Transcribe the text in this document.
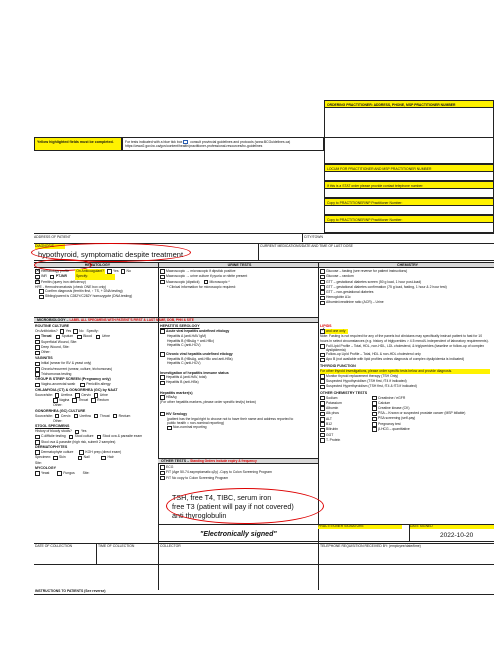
ORDERING PRACTITIONER: ADDRESS, PHONE, MSP PRACTITIONER NUMBER
Yellow highlighted fields must be completed.	For tests indicated with a blue tick box consult provincial guidelines and protocols (www.BCGuidelines.ca)
https://www2.gov.bc.ca/gov/content/health/practitioner-professional-resources/bc-guidelines
LOCUM FOR PRACTITIONER AND MSP PRACTITIONER NUMBER
If this is a STAT order please provide contact telephone number:
Copy to PRACTITIONER/NP Practitioner Number:
Copy to PRACTITIONER/NP Practitioner Number:
ADDRESS OF PATIENT	CITY/TOWN
DIAGNOSIS
hypothyroid, symptomatic despite treatment
CURRENT MEDICATIONS/DATE AND TIME OF LAST DOSE
HEMATOLOGY	URINE TESTS	CHEMISTRY
✕
Hematology profile On Anticoagulant?	Yes No
INR	PT-INR	Specify:
✕
Ferritin (query iron deficiency)
HFE - Hemochromatosis (check ONE box only)
Confirm diagnosis (ferritin first, ↑ TS, + DNA testing)
Sibling/parent is C282Y/C282Y homozygote (DNA testing)
Macroscopic → microscopic if dipstick positive
Macroscopic → urine culture if pyuria or nitrite present
Macroscopic (dipstick)	Microscopic *
* Clinical information for microscopic required:
Glucose – fasting (see reverse for patient instructions)
Glucose – random
GTT – gestational diabetes screen (50 g load, 1 hour post-load)
GTT – gestational diabetes confirmation (75 g load, fasting, 1 hour & 2 hour test)
GTT – non-gestational diabetes
Hemoglobin A1c
Albumin/creatinine ratio (ACR) – Urine
MICROBIOLOGY –
LABEL ALL SPECIMENS WITH PATIENT'S FIRST & LAST NAME, DOB, PHN & SITE
ROUTINE CULTURE
On Antibiotics? Yes No Specify:
Throat	Sputum	Blood	Urine
Superficial Wound, Site:
Deep Wound, Site:
Other:
VAGINITIS
Initial (smear for BV & yeast only)
Chronic/recurrent (smear, culture, trichomonas)
Trichomonas testing
GROUP B STREP SCREEN (Pregnancy only)
Vagino-anorectal swab	Penicillin allergy
CHLAMYDIA (CT) & GONORRHEA (GC) by NAAT
Source/site: Urethra	Cervix	Urine
Vagina	Throat	Rectum
Other:
GONORRHEA (GC) CULTURE
Source/site: Cervix	Urethra	Throat	Rectum
Other:
STOOL SPECIMENS
History of bloody stools?	Yes
C.difficile testing	Stool culture	Stool ova & parasite exam
Stool ova & parasite (high risk, submit 2 samples)
DERMATOPHYTES
Dermatophyte culture	KOH prep (direct exam)
Specimen: Skin	Nail	Hair
Site:
MYCOLOGY
Yeast	Fungus Site:
HEPATITIS SEROLOGY
Acute viral hepatitis undefined etiology
Hepatitis A (anti-HAV IgM)
Hepatitis B (HBsAg + anti-HBc)
Hepatitis C (anti-HCV)
Chronic viral hepatitis undefined etiology
Hepatitis B (HBsAg, anti-HBc and anti-HBs)
Hepatitis C (anti-HCV)
Investigation of hepatitis immune status
Hepatitis A (anti-HAV, total)
Hepatitis B (anti-HBs)
Hepatitis marker(s)
HBsAg
(For other hepatitis markers, please order specific test(s) below)
HIV Serology
(patient has the legal right to choose not to have their name and address reported to public health = non-nominal reporting)
Non-nominal reporting
OTHER TESTS –
Standing Orders include expiry & frequency
ECG
FIT (Age 50-74 asymptomatic q2y) -Copy to Colon Screening Program
FIT No copy to Colon Screening Program
TSH, free T4, TIBC, serum iron
free T3 (patient will pay if not covered)
anti thyroglobulin
LIPIDS
✓
and one only
Note: Fasting is not required for any of the panels but clinicians may specifically instruct patient to fast for 10 hours in select circumstances (e.g. history of triglycerides > 4.5 mmol/L independent of laboratory requirements).
Full Lipid Profile – Total, HDL, non-HDL, LDL cholesterol, & triglycerides (baseline or follow-up of complex dyslipidemia)
Follow-up Lipid Profile – Total, HDL & non-HDL cholesterol only
Apo B (not available with lipid profiles unless diagnosis of complex dyslipidemia is indicated)
THYROID FUNCTION
For other thyroid investigations, please order specific tests below and provide diagnosis.
Monitor thyroid replacement therapy (TSH Only)
Suspected Hypothyroidism (TSH first, fT4 if indicated)
Suspected Hyperthyroidism (TSH first, fT4 & fT3 if indicated)
OTHER CHEMISTRY TESTS
Sodium
Potassium
Albumin
Alk phos
ALT
B12
Bilirubin
GGT
T. Protein
Creatinine / eGFR
Calcium
Creatine kinase (CK)
PSA – Known or suspected prostate cancer (MSP billable)
PSA screening (self-pay)
Pregnancy test
β-HCG – quantitative
PRACTITIONER SIGNATURE	DATE SIGNED
"Electronically signed"	2022-10-20
DATE OF COLLECTION	TIME OF COLLECTION	COLLECTOR	TELEPHONE REQUISITION RECEIVED BY: (employee/date/time)
INSTRUCTIONS TO PATIENTS (See reverse)
